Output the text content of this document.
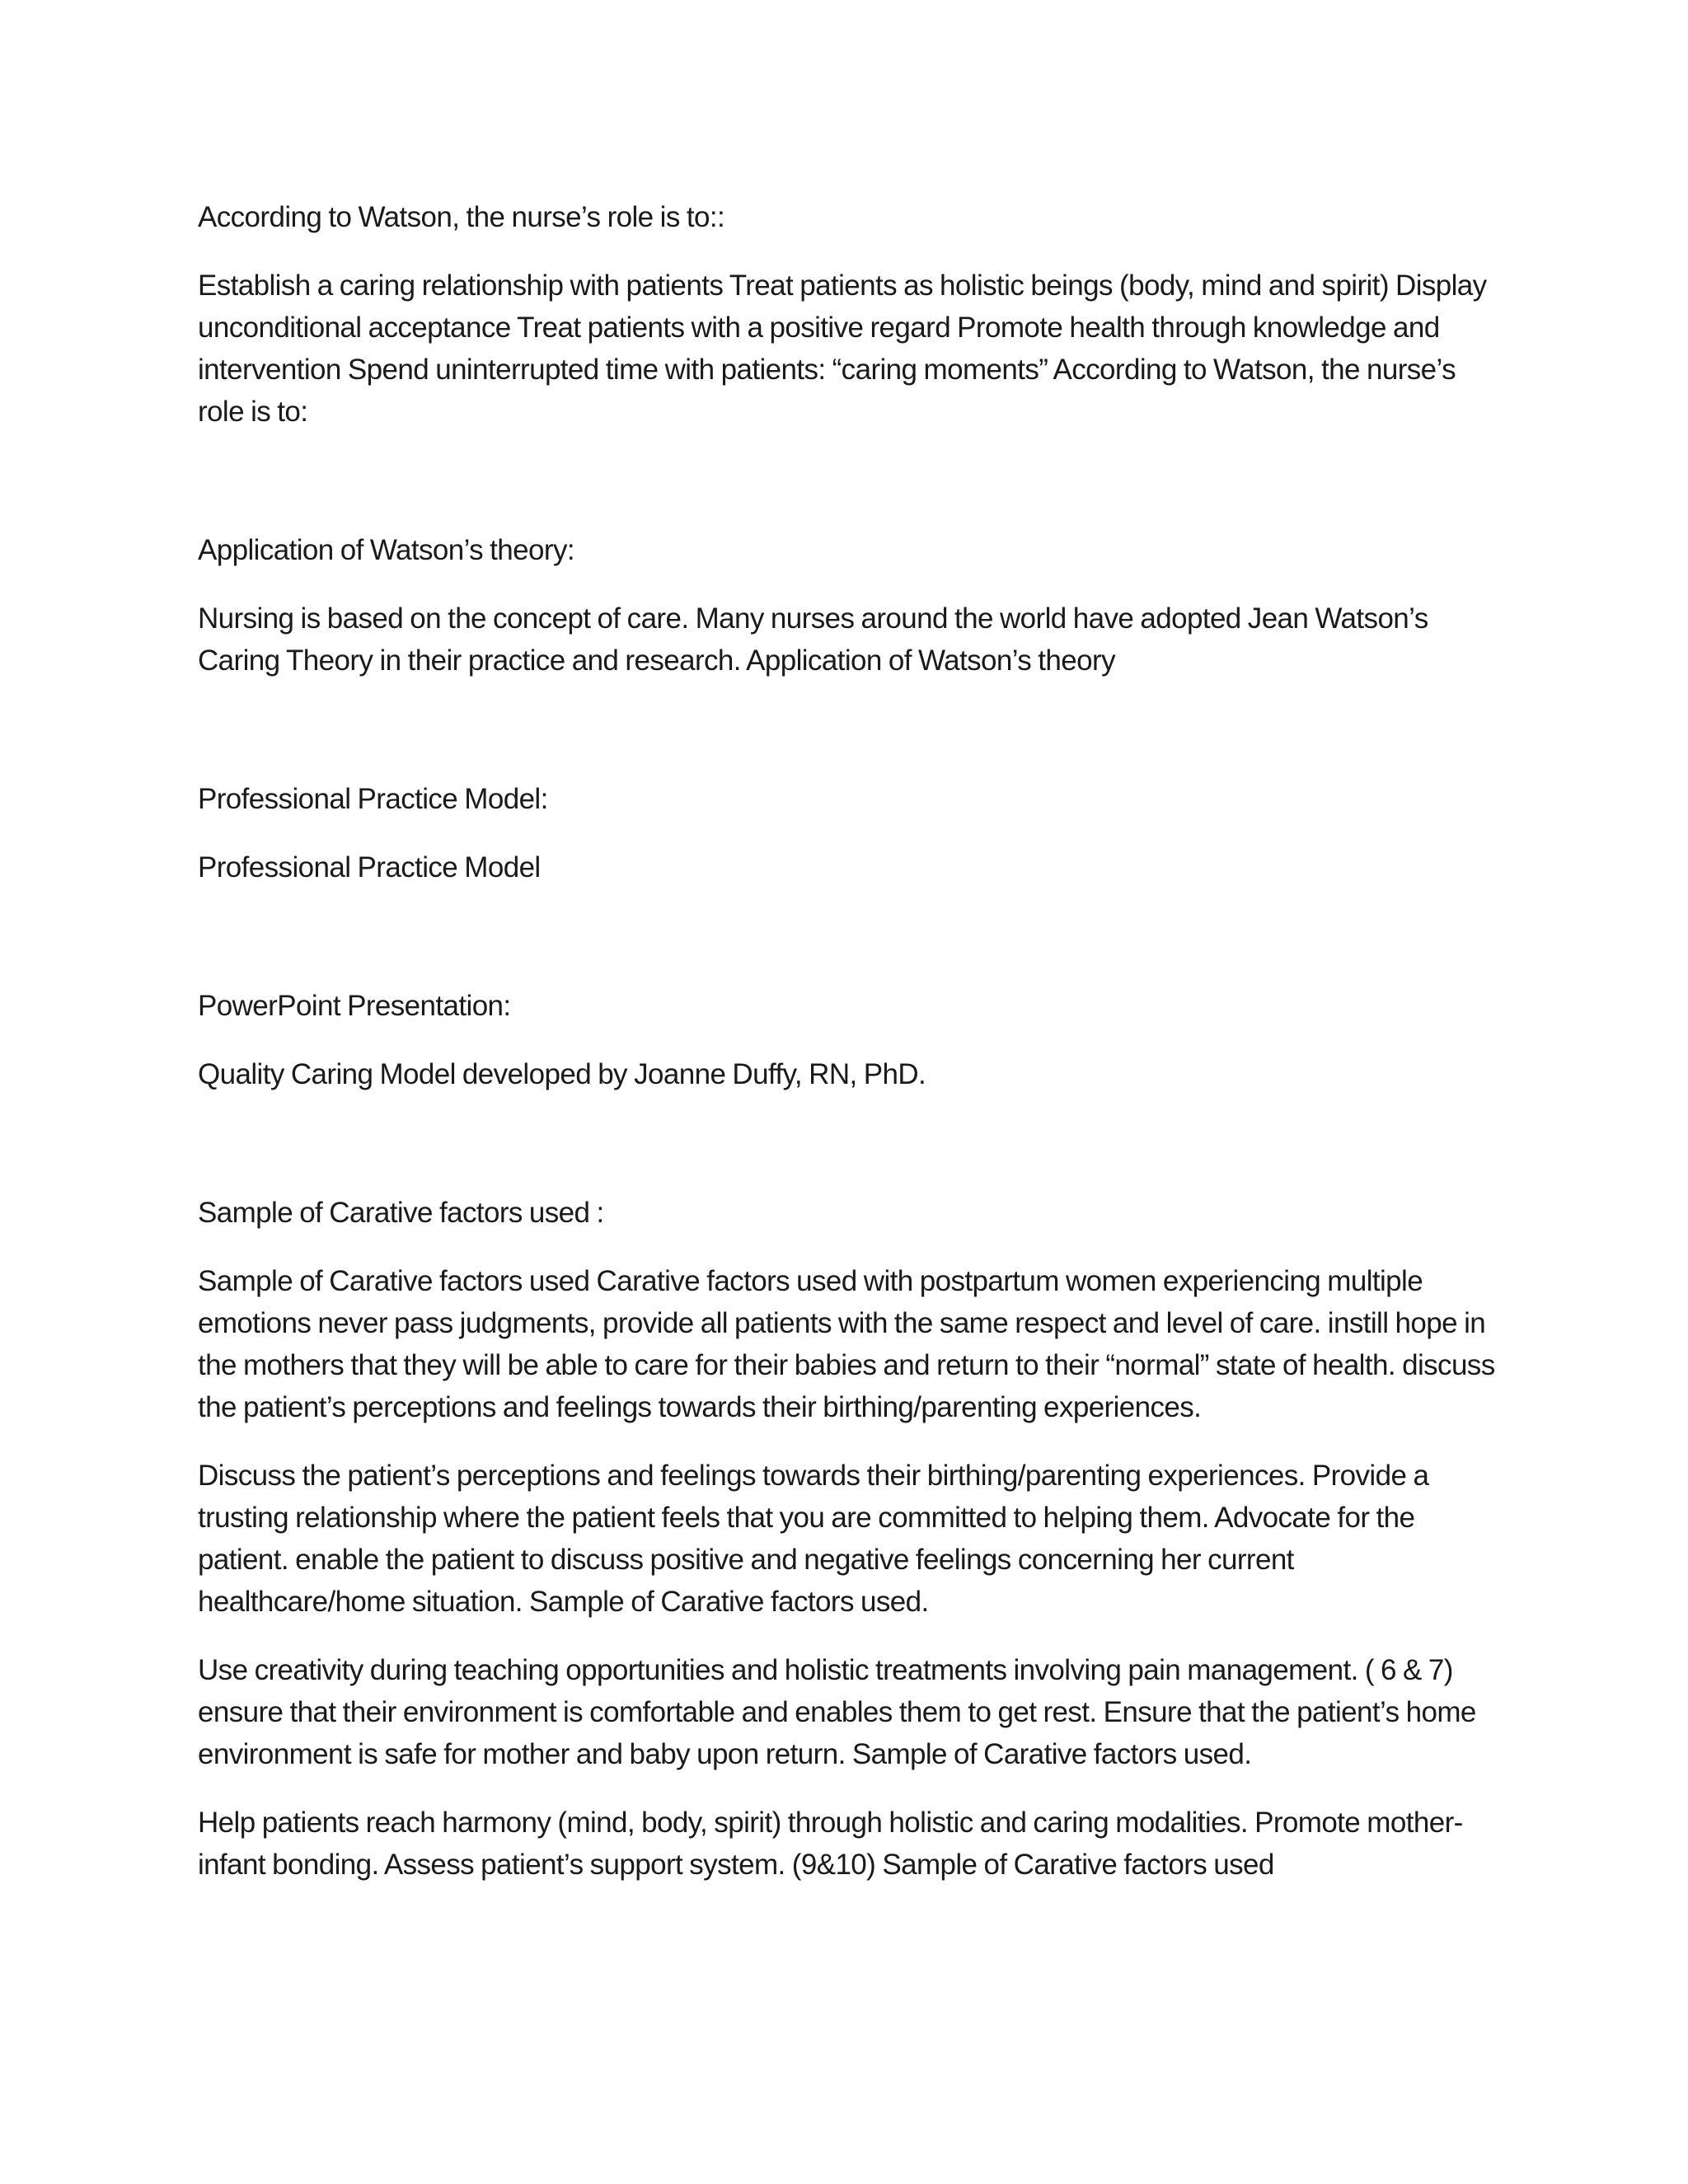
According to Watson, the nurse’s role is to::

Establish a caring relationship with patients Treat patients as holistic beings (body, mind and spirit) Display unconditional acceptance Treat patients with a positive regard Promote health through knowledge and intervention Spend uninterrupted time with patients: “caring moments” According to Watson, the nurse’s role is to:

Application of Watson’s theory:

Nursing is based on the concept of care. Many nurses around the world have adopted Jean Watson’s Caring Theory in their practice and research. Application of Watson’s theory

Professional Practice Model:

Professional Practice Model

PowerPoint Presentation:

Quality Caring Model developed by Joanne Duffy, RN, PhD.

Sample of Carative factors used :

Sample of Carative factors used Carative factors used with postpartum women experiencing multiple emotions never pass judgments, provide all patients with the same respect and level of care. instill hope in the mothers that they will be able to care for their babies and return to their “normal” state of health. discuss the patient’s perceptions and feelings towards their birthing/parenting experiences.

Discuss the patient’s perceptions and feelings towards their birthing/parenting experiences. Provide a trusting relationship where the patient feels that you are committed to helping them. Advocate for the patient. enable the patient to discuss positive and negative feelings concerning her current healthcare/home situation. Sample of Carative factors used.

Use creativity during teaching opportunities and holistic treatments involving pain management. ( 6 & 7) ensure that their environment is comfortable and enables them to get rest. Ensure that the patient’s home environment is safe for mother and baby upon return. Sample of Carative factors used.

Help patients reach harmony (mind, body, spirit) through holistic and caring modalities. Promote mother-infant bonding. Assess patient’s support system. (9&10) Sample of Carative factors used
